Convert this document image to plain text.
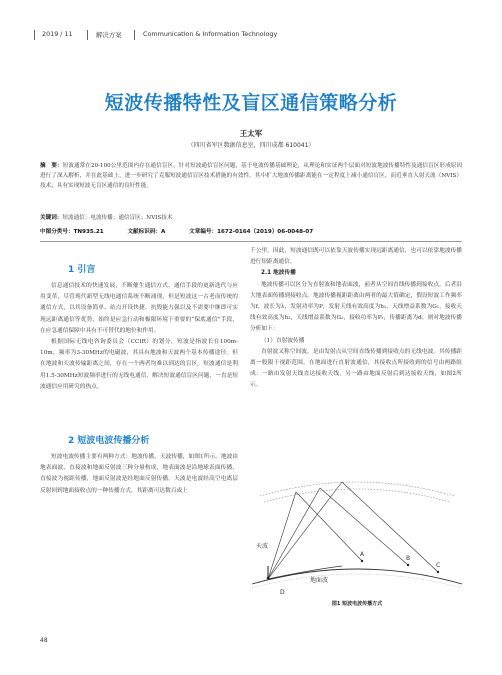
2019 / 11	解决方案	Communication & Information Technology
短波传播特性及盲区通信策略分析
王太军
（四川省军区数据信息室，四川成都 610041）
摘　要：短波通常在20-100公里范围内存在通信盲区，针对短波通信盲区问题，基于电波传播基础理论，从理论和实证两个层面对短波地波传播特性及通信盲区形成原因进行了深入解析，并在此基础上，进一步研究了克服短波通信盲区技术措施的有效性。其中扩大地波传播距离能在一定程度上减小通信盲区，而近垂直入射天波（NVIS）技术，具有实现短波无盲区通信的良好性能。
关键词：短波通信；电波传播；通信盲区；NVIS技术
中图分类号：TN935.21	文献标识码：A	文章编号：1672-0164（2019）06-0048-07
1 引言

信息通信技术的快速发展，不断催生通信方式、通信手段的更新迭代与应用变革，尽管现代新型无线电通信系统不断涌现，但是短波这一古老而传统的通信方式，以其设备简单、站点开设快捷、抗毁能力强以及不需要中继即可实现远距离通信等优势，始终是应急行动和极限环境下重要的“保底通信”手段，在应急通信保障中具有不可替代的地位和作用。

根据国际无线电咨询委员会（CCIR）的划分，短波是指波长在100m-10m，频率为3-30MHz的电磁波，其具有地波和天波两个基本传播途径。但在地波和天波传输距离之间，存在一个两者均难以到达的盲区。短波通信是利用1.5-30MHz短波频率进行的无线电通信，解决短波通信盲区问题，一直是短波通信应用研究的热点。

2 短波电波传播分析

短波电波传播主要有两种方式：地波传播、天波传播，如图1所示。地波由地表面波、直接波和地面反射波三种分量构成，地表面波是沿地球表面传播，直接波为视距传播，地面反射波是经地面反射传播。天波是电波经高空电离层反射回到地面接收点的一种传播方式，其距离可达数百或上

千公里。因此，短波通信既可以依靠天波传播实现远距离通信，也可以依靠地波传播进行短距离通信。

2.1 地波传播

地波传播可以区分为直射波和地表面波，前者从空间直线传播到接收点，后者沿大地表面传播到接收点。地波传播视距距离由两者的最大值确定，假设短波工作频率为f，波长为λ，发射功率为P，发射天线有效高度为h₁，天线增益系数为G₁，接收天线有效高度为h₂，天线增益系数为G₂，接收功率为Pᵣ，传播距离为d，则对地波传播分析如下：

（1）直射波传播

直射波又称空间波，是由发射点从空间直线传播到接收点的无线电波。其传播距离一般限于视距范围。在地面进行直射波通信，其接收点所接收到的信号由两路组成：一路由发射天线直达接收天线，另一路由地面反射后到达接收天线，如图2所示。

天波
地面波
A
B
C
D
图1 短波电波传播方式
48
